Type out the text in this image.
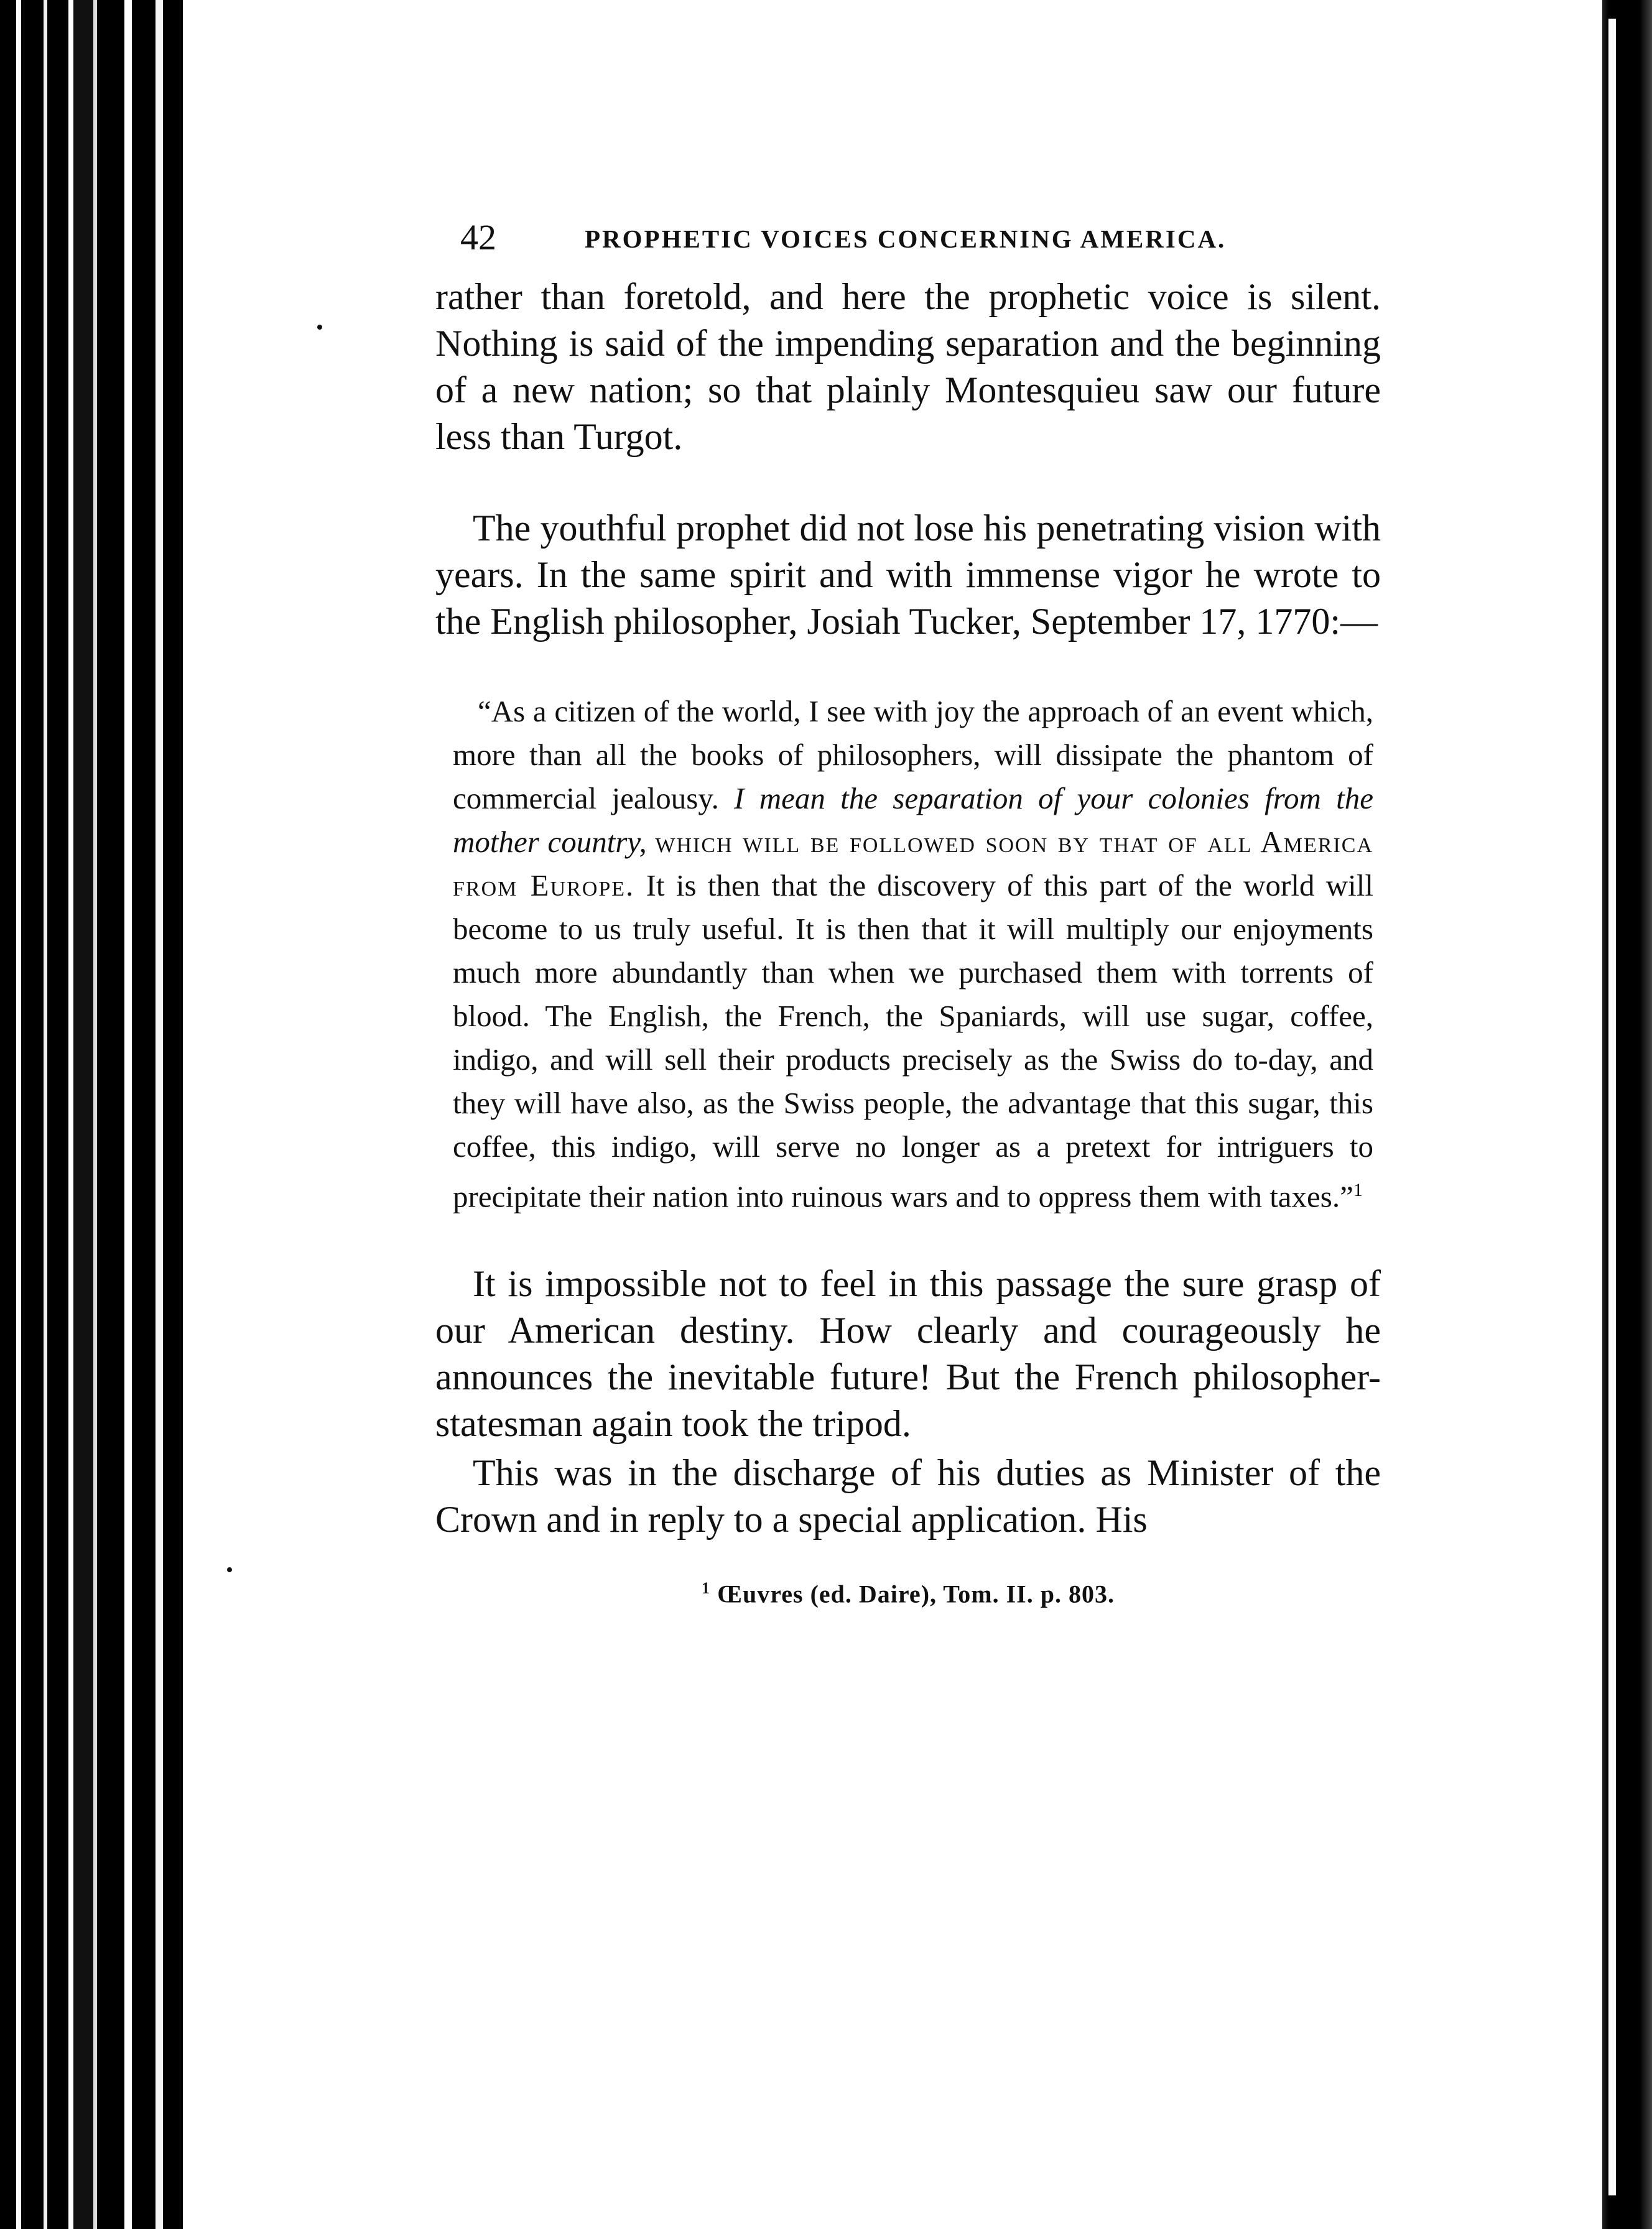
42	PROPHETIC VOICES CONCERNING AMERICA.

rather than foretold, and here the prophetic voice is silent. Nothing is said of the impending separation and the beginning of a new nation; so that plainly Montesquieu saw our future less than Turgot.

The youthful prophet did not lose his penetrating vision with years. In the same spirit and with immense vigor he wrote to the English philosopher, Josiah Tucker, September 17, 1770:—

“As a citizen of the world, I see with joy the approach of an event which, more than all the books of philosophers, will dissipate the phantom of commercial jealousy. I mean the separation of your colonies from the mother country, which will be followed soon by that of all America from Europe. It is then that the discovery of this part of the world will become to us truly useful. It is then that it will multiply our enjoyments much more abundantly than when we purchased them with torrents of blood. The English, the French, the Spaniards, will use sugar, coffee, indigo, and will sell their products precisely as the Swiss do to-day, and they will have also, as the Swiss people, the advantage that this sugar, this coffee, this indigo, will serve no longer as a pretext for intriguers to precipitate their nation into ruinous wars and to oppress them with taxes.”$^1$

It is impossible not to feel in this passage the sure grasp of our American destiny. How clearly and courageously he announces the inevitable future! But the French philosopher-statesman again took the tripod.

This was in the discharge of his duties as Minister of the Crown and in reply to a special application. His

$^1$ Œuvres (ed. Daire), Tom. II. p. 803.
